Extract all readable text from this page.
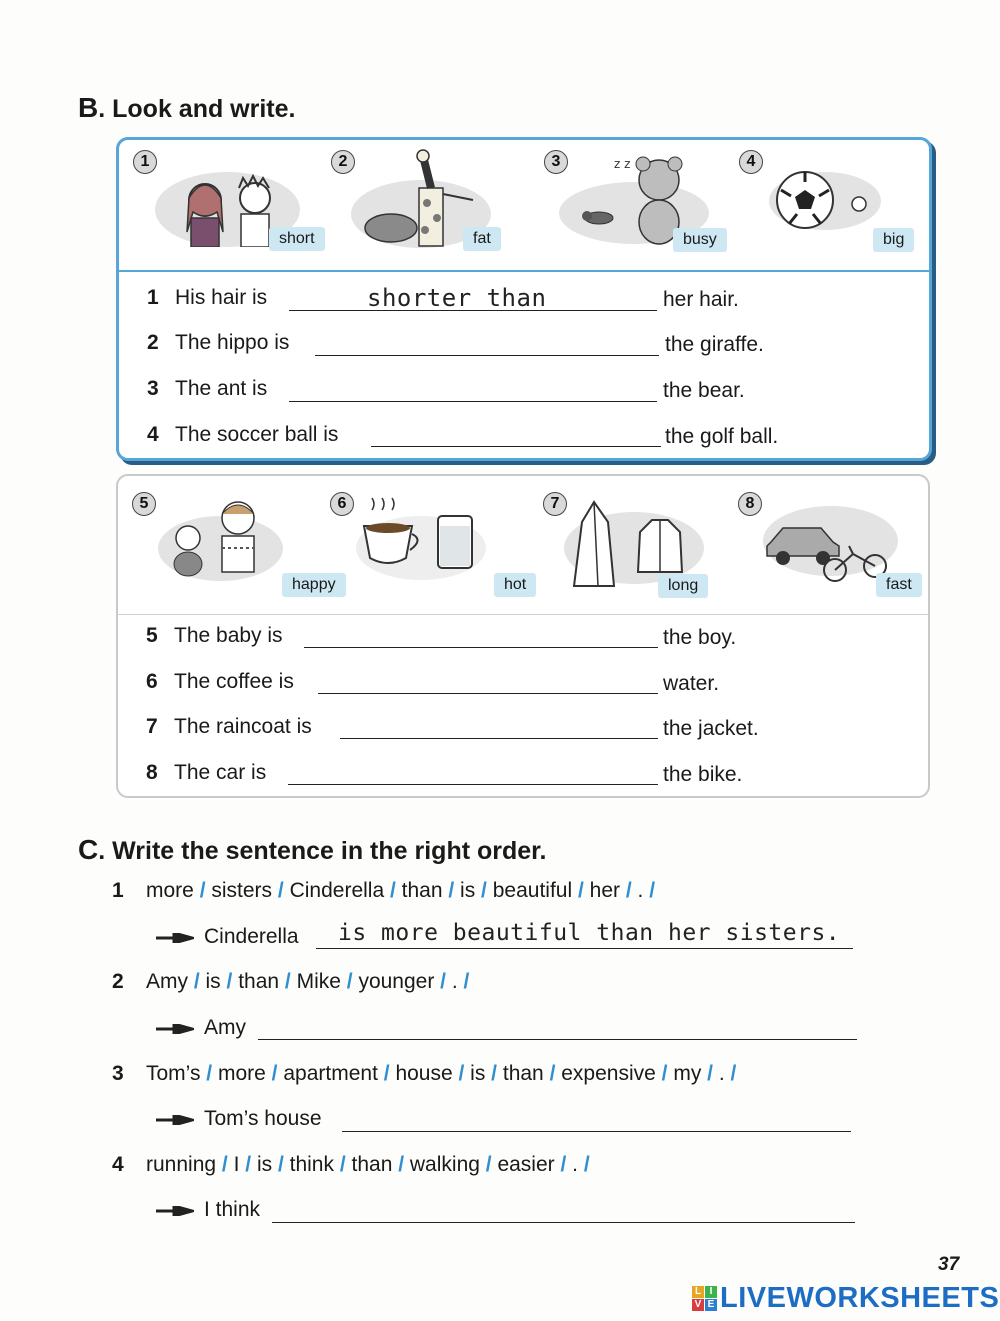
B. Look and write.
1
short
2
fat
3	z z
busy
4
big
1 His hair is	shorter than	her hair.
2 The hippo is	the giraffe.
3 The ant is	the bear.
4 The soccer ball is	the golf ball.
5
happy
6
hot
7
long
8
fast
5 The baby is	the boy.
6 The coffee is	water.
7 The raincoat is	the jacket.
8 The car is	the bike.
C. Write the sentence in the right order.
1 more / sisters / Cinderella / than / is / beautiful / her / . /
Cinderella is more beautiful than her sisters.
2 Amy / is / than / Mike / younger / . /
Amy
3 Tom’s / more / apartment / house / is / than / expensive / my / . /
Tom’s house
4 running / I / is / think / than / walking / easier / . /
I think
37
L I
V E LIVEWORKSHEETS
